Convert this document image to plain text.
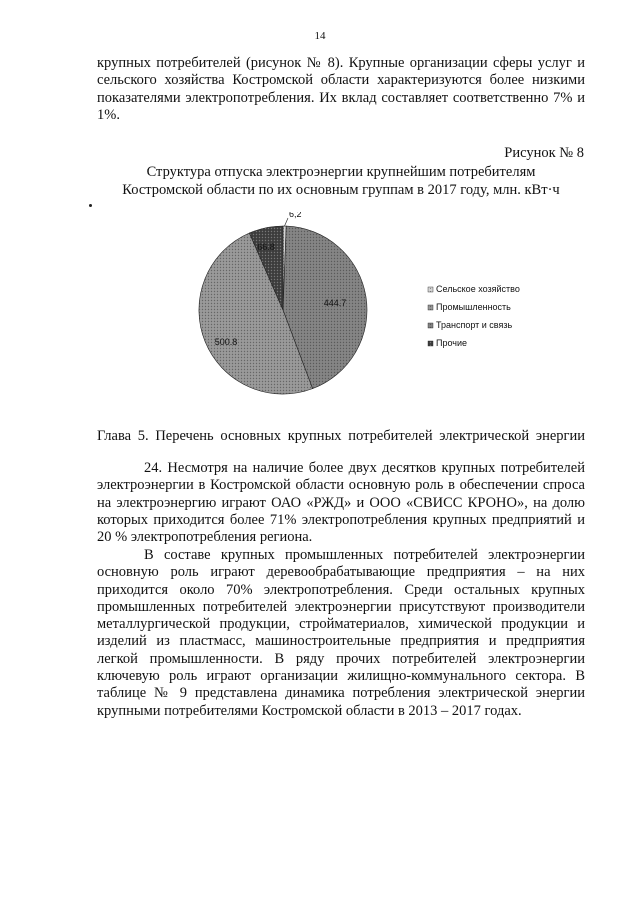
14
крупных потребителей (рисунок № 8). Крупные организации сферы услуг и сельского хозяйства Костромской области характеризуются более низкими показателями электропотребления. Их вклад составляет соответственно 7% и 1%.
Рисунок № 8
Структура отпуска электроэнергии крупнейшим потребителям
Костромской области по их основным группам в 2017 году, млн. кВт·ч
6,2
444.7
500.8
66.8
Сельское хозяйство
Промышленность
Транспорт и связь
Прочие
Глава 5. Перечень основных крупных потребителей электрической энергии
24. Несмотря на наличие более двух десятков крупных потребителей электроэнергии в Костромской области основную роль в обеспечении спроса на электроэнергию играют ОАО «РЖД» и ООО «СВИСС КРОНО», на долю которых приходится более 71% электропотребления крупных предприятий и 20 % электропотребления региона.
В составе крупных промышленных потребителей электроэнергии основную роль играют деревообрабатывающие предприятия – на них приходится около 70% электропотребления. Среди остальных крупных промышленных потребителей электроэнергии присутствуют производители металлургической продукции, стройматериалов, химической продукции и изделий из пластмасс, машиностроительные предприятия и предприятия легкой промышленности. В ряду прочих потребителей электроэнергии ключевую роль играют организации жилищно-коммунального сектора. В таблице № 9 представлена динамика потребления электрической энергии крупными потребителями Костромской области в 2013 – 2017 годах.
